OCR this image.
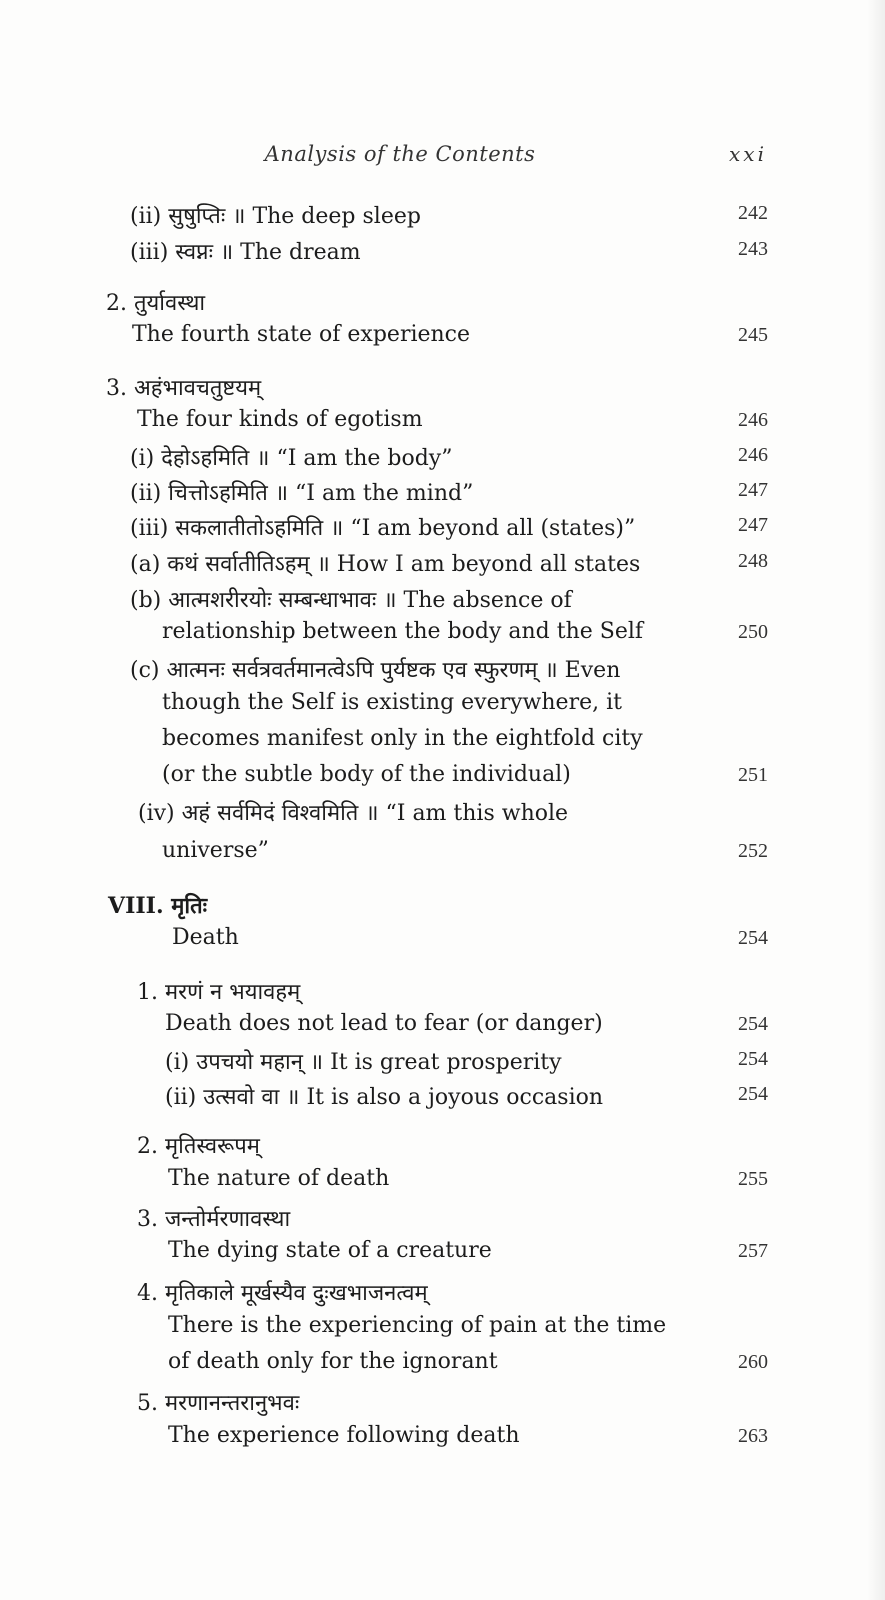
Analysis of the Contents	xxi
(ii) सुषुप्तिः ॥ The deep sleep	242
(iii) स्वप्नः ॥ The dream	243
2. तुर्यावस्था
The fourth state of experience	245
3. अहंभावचतुष्टयम्
The four kinds of egotism	246
(i) देहोऽहमिति ॥ “I am the body”	246
(ii) चित्तोऽहमिति ॥ “I am the mind”	247
(iii) सकलातीतोऽहमिति ॥ “I am beyond all (states)”	247
(a) कथं सर्वातीतिऽहम् ॥ How I am beyond all states	248
(b) आत्मशरीरयोः सम्बन्धाभावः ॥ The absence of
relationship between the body and the Self	250
(c) आत्मनः सर्वत्रवर्तमानत्वेऽपि पुर्यष्टक एव स्फुरणम् ॥ Even
though the Self is existing everywhere, it
becomes manifest only in the eightfold city
(or the subtle body of the individual)	251
(iv) अहं सर्वमिदं विश्वमिति ॥ “I am this whole
universe”	252
VIII. मृतिः
Death	254
1. मरणं न भयावहम्
Death does not lead to fear (or danger)	254
(i) उपचयो महान् ॥ It is great prosperity	254
(ii) उत्सवो वा ॥ It is also a joyous occasion	254
2. मृतिस्वरूपम्
The nature of death	255
3. जन्तोर्मरणावस्था
The dying state of a creature	257
4. मृतिकाले मूर्खस्यैव दुःखभाजनत्वम्
There is the experiencing of pain at the time
of death only for the ignorant	260
5. मरणानन्तरानुभवः
The experience following death	263
